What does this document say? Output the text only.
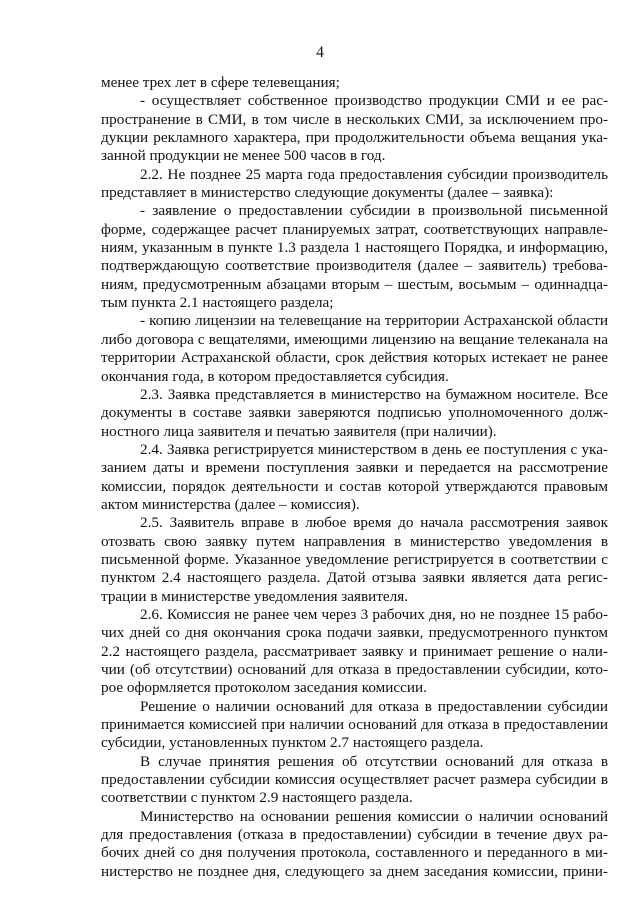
4
менее трех лет в сфере телевещания;
- осуществляет собственное производство продукции СМИ и ее рас-
пространение в СМИ, в том числе в нескольких СМИ, за исключением про-
дукции рекламного характера, при продолжительности объема вещания ука-
занной продукции не менее 500 часов в год.
2.2. Не позднее 25 марта года предоставления субсидии производитель
представляет в министерство следующие документы (далее – заявка):
- заявление о предоставлении субсидии в произвольной письменной
форме, содержащее расчет планируемых затрат, соответствующих направле-
ниям, указанным в пункте 1.3 раздела 1 настоящего Порядка, и информацию,
подтверждающую соответствие производителя (далее – заявитель) требова-
ниям, предусмотренным абзацами вторым – шестым, восьмым – одиннадца-
тым пункта 2.1 настоящего раздела;
- копию лицензии на телевещание на территории Астраханской области
либо договора с вещателями, имеющими лицензию на вещание телеканала на
территории Астраханской области, срок действия которых истекает не ранее
окончания года, в котором предоставляется субсидия.
2.3. Заявка представляется в министерство на бумажном носителе. Все
документы в составе заявки заверяются подписью уполномоченного долж-
ностного лица заявителя и печатью заявителя (при наличии).
2.4. Заявка регистрируется министерством в день ее поступления с ука-
занием даты и времени поступления заявки и передается на рассмотрение
комиссии, порядок деятельности и состав которой утверждаются правовым
актом министерства (далее – комиссия).
2.5. Заявитель вправе в любое время до начала рассмотрения заявок
отозвать свою заявку путем направления в министерство уведомления в
письменной форме. Указанное уведомление регистрируется в соответствии с
пунктом 2.4 настоящего раздела. Датой отзыва заявки является дата регис-
трации в министерстве уведомления заявителя.
2.6. Комиссия не ранее чем через 3 рабочих дня, но не позднее 15 рабо-
чих дней со дня окончания срока подачи заявки, предусмотренного пунктом
2.2 настоящего раздела, рассматривает заявку и принимает решение о нали-
чии (об отсутствии) оснований для отказа в предоставлении субсидии, кото-
рое оформляется протоколом заседания комиссии.
Решение о наличии оснований для отказа в предоставлении субсидии
принимается комиссией при наличии оснований для отказа в предоставлении
субсидии, установленных пунктом 2.7 настоящего раздела.
В случае принятия решения об отсутствии оснований для отказа в
предоставлении субсидии комиссия осуществляет расчет размера субсидии в
соответствии с пунктом 2.9 настоящего раздела.
Министерство на основании решения комиссии о наличии оснований
для предоставления (отказа в предоставлении) субсидии в течение двух ра-
бочих дней со дня получения протокола, составленного и переданного в ми-
нистерство не позднее дня, следующего за днем заседания комиссии, прини-
